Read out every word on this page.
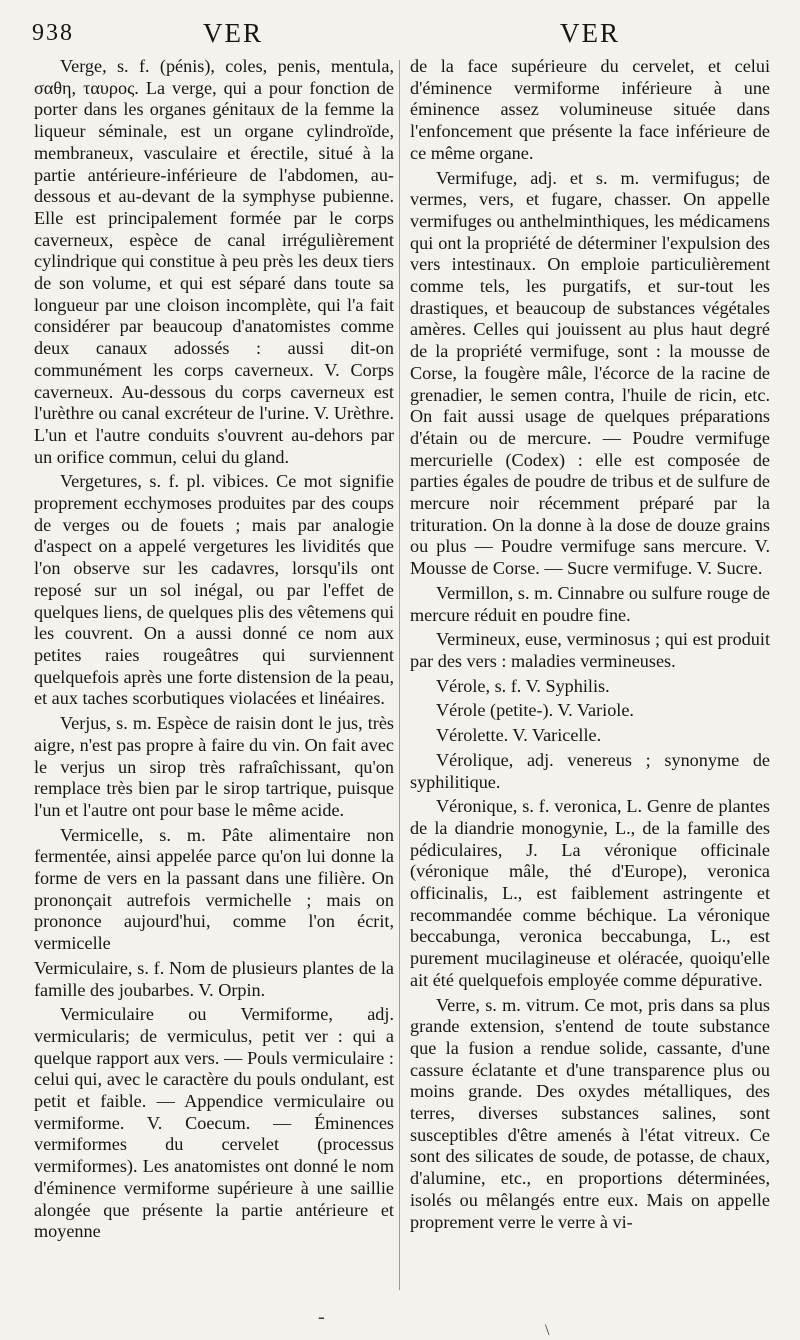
938	VER	VER

Verge, s. f. (pénis), coles, penis, mentula, σαθη, ταυρος. La verge, qui a pour fonction de porter dans les organes génitaux de la femme la liqueur séminale, est un organe cylindroïde, membraneux, vasculaire et érectile, situé à la partie antérieure-inférieure de l'abdomen, au-dessous et au-devant de la symphyse pubienne. Elle est principalement formée par le corps caverneux, espèce de canal irrégulièrement cylindrique qui constitue à peu près les deux tiers de son volume, et qui est séparé dans toute sa longueur par une cloison incomplète, qui l'a fait considérer par beaucoup d'anatomistes comme deux canaux adossés : aussi dit-on communément les corps caverneux. V. Corps caverneux. Au-dessous du corps caverneux est l'urèthre ou canal excréteur de l'urine. V. Urèthre. L'un et l'autre conduits s'ouvrent au-dehors par un orifice commun, celui du gland.

Vergetures, s. f. pl. vibices. Ce mot signifie proprement ecchymoses produites par des coups de verges ou de fouets ; mais par analogie d'aspect on a appelé vergetures les lividités que l'on observe sur les cadavres, lorsqu'ils ont reposé sur un sol inégal, ou par l'effet de quelques liens, de quelques plis des vêtemens qui les couvrent. On a aussi donné ce nom aux petites raies rougeâtres qui surviennent quelquefois après une forte distension de la peau, et aux taches scorbutiques violacées et linéaires.

Verjus, s. m. Espèce de raisin dont le jus, très aigre, n'est pas propre à faire du vin. On fait avec le verjus un sirop très rafraîchissant, qu'on remplace très bien par le sirop tartrique, puisque l'un et l'autre ont pour base le même acide.

Vermicelle, s. m. Pâte alimentaire non fermentée, ainsi appelée parce qu'on lui donne la forme de vers en la passant dans une filière. On prononçait autrefois vermichelle ; mais on prononce aujourd'hui, comme l'on écrit, vermicelle

Vermiculaire, s. f. Nom de plusieurs plantes de la famille des joubarbes. V. Orpin.

Vermiculaire ou Vermiforme, adj. vermicularis; de vermiculus, petit ver : qui a quelque rapport aux vers. — Pouls vermiculaire : celui qui, avec le caractère du pouls ondulant, est petit et faible. — Appendice vermiculaire ou vermiforme. V. Coecum. — Éminences vermiformes du cervelet (processus vermiformes). Les anatomistes ont donné le nom d'éminence vermiforme supérieure à une saillie alongée que présente la partie antérieure et moyenne

de la face supérieure du cervelet, et celui d'éminence vermiforme inférieure à une éminence assez volumineuse située dans l'enfoncement que présente la face inférieure de ce même organe.

Vermifuge, adj. et s. m. vermifugus; de vermes, vers, et fugare, chasser. On appelle vermifuges ou anthelminthiques, les médicamens qui ont la propriété de déterminer l'expulsion des vers intestinaux. On emploie particulièrement comme tels, les purgatifs, et sur-tout les drastiques, et beaucoup de substances végétales amères. Celles qui jouissent au plus haut degré de la propriété vermifuge, sont : la mousse de Corse, la fougère mâle, l'écorce de la racine de grenadier, le semen contra, l'huile de ricin, etc. On fait aussi usage de quelques préparations d'étain ou de mercure. — Poudre vermifuge mercurielle (Codex) : elle est composée de parties égales de poudre de tribus et de sulfure de mercure noir récemment préparé par la trituration. On la donne à la dose de douze grains ou plus — Poudre vermifuge sans mercure. V. Mousse de Corse. — Sucre vermifuge. V. Sucre.

Vermillon, s. m. Cinnabre ou sulfure rouge de mercure réduit en poudre fine.

Vermineux, euse, verminosus ; qui est produit par des vers : maladies vermineuses.

Vérole, s. f. V. Syphilis.

Vérole (petite-). V. Variole.

Vérolette. V. Varicelle.

Vérolique, adj. venereus ; synonyme de syphilitique.

Véronique, s. f. veronica, L. Genre de plantes de la diandrie monogynie, L., de la famille des pédiculaires, J. La véronique officinale (véronique mâle, thé d'Europe), veronica officinalis, L., est faiblement astringente et recommandée comme béchique. La véronique beccabunga, veronica beccabunga, L., est purement mucilagineuse et oléracée, quoiqu'elle ait été quelquefois employée comme dépurative.

Verre, s. m. vitrum. Ce mot, pris dans sa plus grande extension, s'entend de toute substance que la fusion a rendue solide, cassante, d'une cassure éclatante et d'une transparence plus ou moins grande. Des oxydes métalliques, des terres, diverses substances salines, sont susceptibles d'être amenés à l'état vitreux. Ce sont des silicates de soude, de potasse, de chaux, d'alumine, etc., en proportions déterminées, isolés ou mêlangés entre eux. Mais on appelle proprement verre le verre à vi-

-
\
